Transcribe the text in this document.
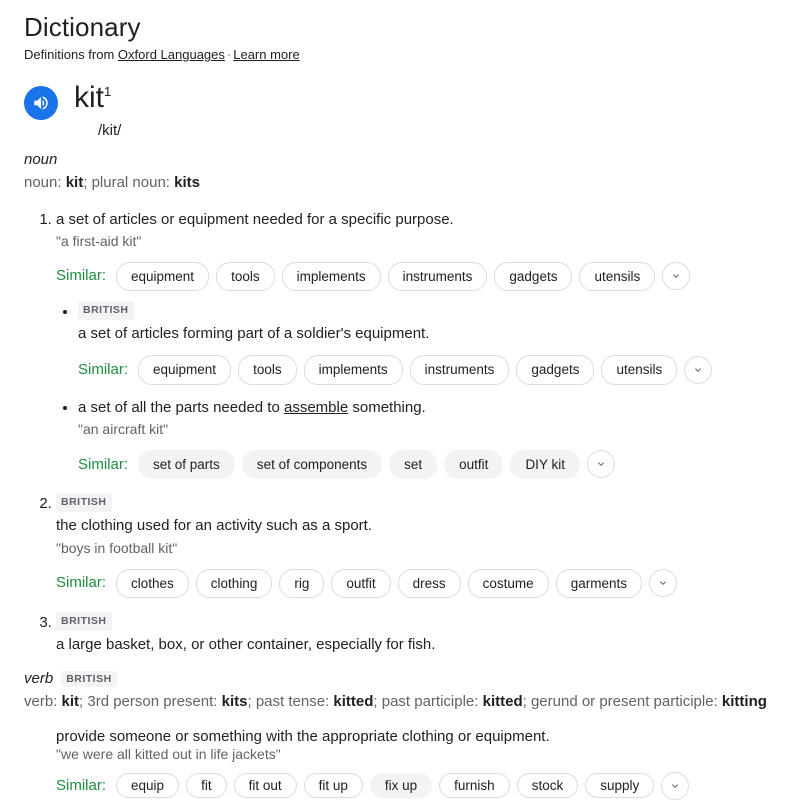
Dictionary
Definitions from Oxford Languages · Learn more
kit$^1$
/kit/
noun
noun: kit; plural noun: kits
1. a set of articles or equipment needed for a specific purpose.
"a first-aid kit"
Similar:	equipment	tools	implements	instruments	gadgets	utensils
• BRITISH
a set of articles forming part of a soldier's equipment.
Similar:	equipment	tools	implements	instruments	gadgets	utensils
• a set of all the parts needed to assemble something.
"an aircraft kit"
Similar:	set of parts	set of components	set	outfit	DIY kit
2. BRITISH
the clothing used for an activity such as a sport.
"boys in football kit"
Similar:	clothes	clothing	rig	outfit	dress	costume	garments
3. BRITISH
a large basket, box, or other container, especially for fish.
verb	BRITISH
verb: kit; 3rd person present: kits; past tense: kitted; past participle: kitted; gerund or present participle: kitting
provide someone or something with the appropriate clothing or equipment.
"we were all kitted out in life jackets"
Similar:	equip	fit	fit out	fit up	fix up	furnish	stock	supply
